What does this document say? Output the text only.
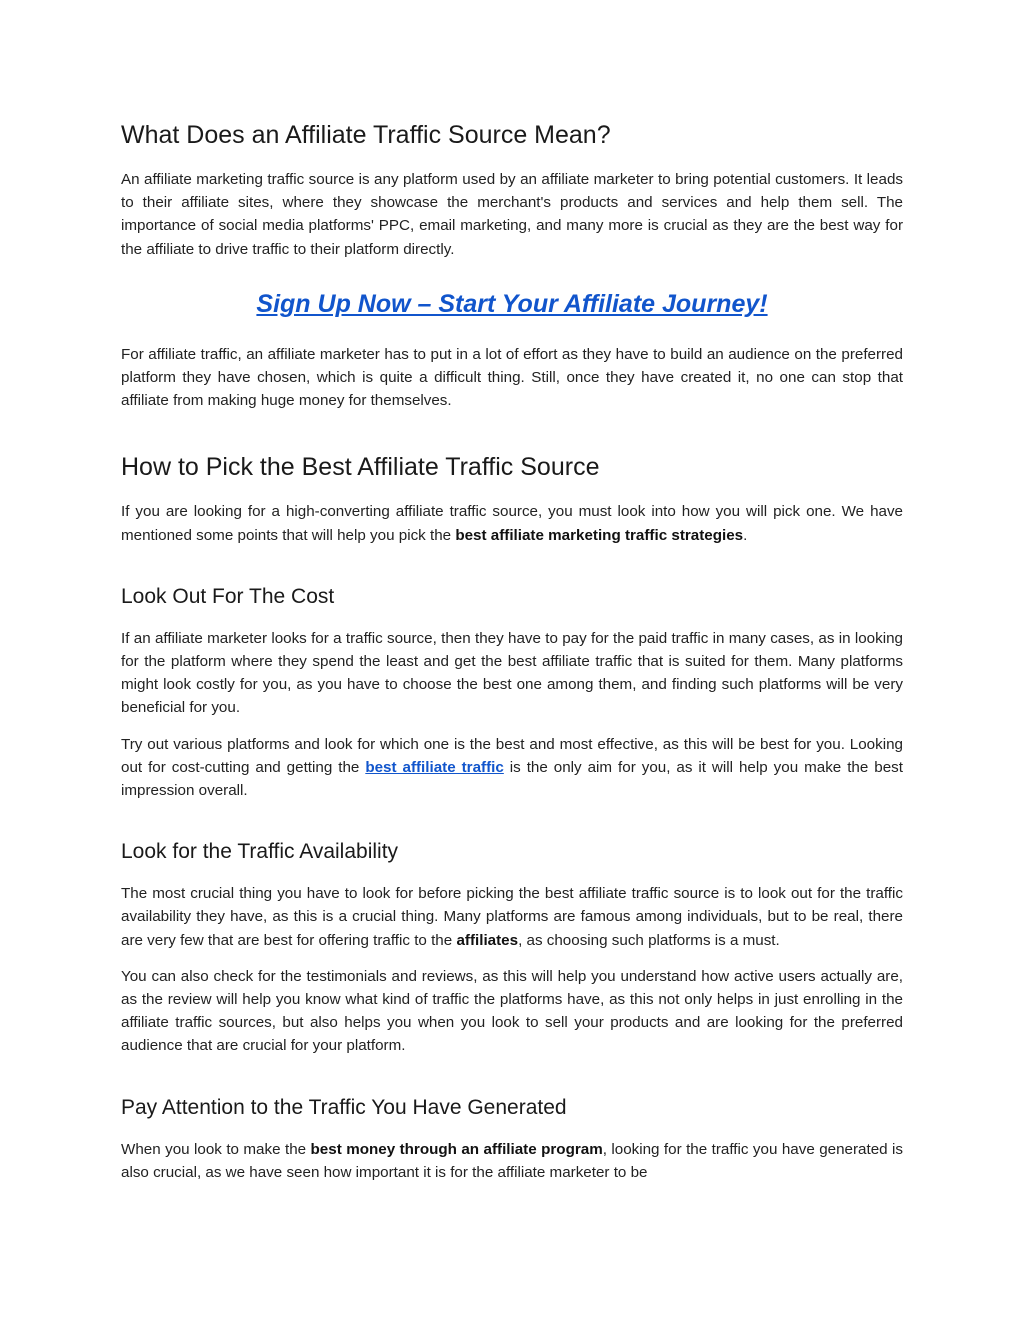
What Does an Affiliate Traffic Source Mean?

An affiliate marketing traffic source is any platform used by an affiliate marketer to bring potential customers. It leads to their affiliate sites, where they showcase the merchant's products and services and help them sell. The importance of social media platforms' PPC, email marketing, and many more is crucial as they are the best way for the affiliate to drive traffic to their platform directly.

Sign Up Now – Start Your Affiliate Journey!

For affiliate traffic, an affiliate marketer has to put in a lot of effort as they have to build an audience on the preferred platform they have chosen, which is quite a difficult thing. Still, once they have created it, no one can stop that affiliate from making huge money for themselves.

How to Pick the Best Affiliate Traffic Source

If you are looking for a high-converting affiliate traffic source, you must look into how you will pick one. We have mentioned some points that will help you pick the best affiliate marketing traffic strategies.

Look Out For The Cost

If an affiliate marketer looks for a traffic source, then they have to pay for the paid traffic in many cases, as in looking for the platform where they spend the least and get the best affiliate traffic that is suited for them. Many platforms might look costly for you, as you have to choose the best one among them, and finding such platforms will be very beneficial for you.

Try out various platforms and look for which one is the best and most effective, as this will be best for you. Looking out for cost-cutting and getting the best affiliate traffic is the only aim for you, as it will help you make the best impression overall.

Look for the Traffic Availability

The most crucial thing you have to look for before picking the best affiliate traffic source is to look out for the traffic availability they have, as this is a crucial thing. Many platforms are famous among individuals, but to be real, there are very few that are best for offering traffic to the affiliates, as choosing such platforms is a must.

You can also check for the testimonials and reviews, as this will help you understand how active users actually are, as the review will help you know what kind of traffic the platforms have, as this not only helps in just enrolling in the affiliate traffic sources, but also helps you when you look to sell your products and are looking for the preferred audience that are crucial for your platform.

Pay Attention to the Traffic You Have Generated

When you look to make the best money through an affiliate program, looking for the traffic you have generated is also crucial, as we have seen how important it is for the affiliate marketer to be
